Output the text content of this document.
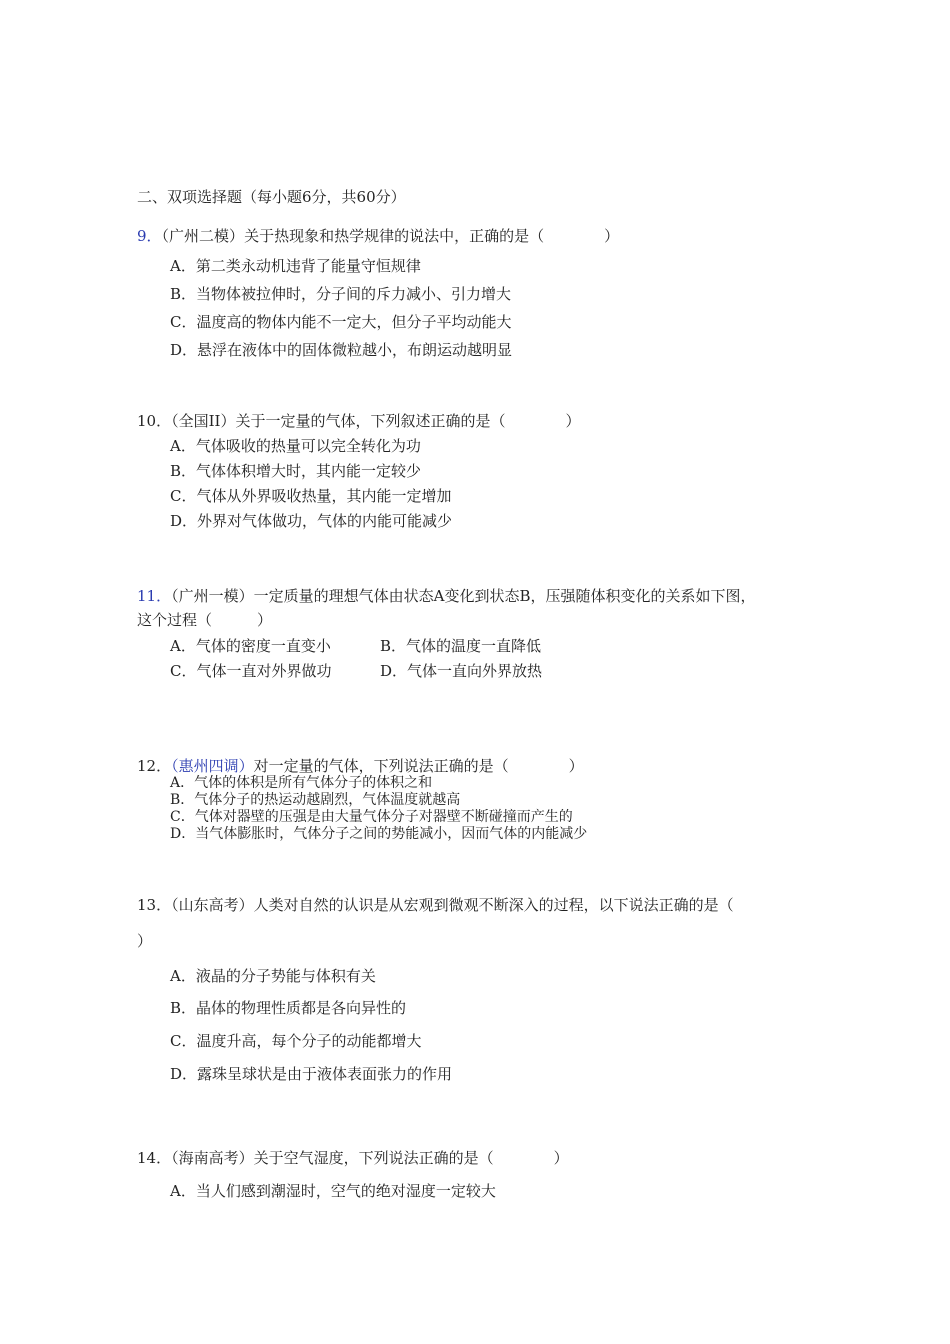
二、双项选择题（每小题6分，共60分）
9．（广州二模）关于热现象和热学规律的说法中，正确的是（　　　　）
A．第二类永动机违背了能量守恒规律
B．当物体被拉伸时，分子间的斥力减小、引力增大
C．温度高的物体内能不一定大，但分子平均动能大
D．悬浮在液体中的固体微粒越小，布朗运动越明显
10．（全国II）关于一定量的气体，下列叙述正确的是（　　　　）
A．气体吸收的热量可以完全转化为功
B．气体体积增大时，其内能一定较少
C．气体从外界吸收热量，其内能一定增加
D．外界对气体做功，气体的内能可能减少
11．（广州一模）一定质量的理想气体由状态A变化到状态B，压强随体积变化的关系如下图，
这个过程（　　　）
A．气体的密度一直变小	B．气体的温度一直降低
C．气体一直对外界做功	D．气体一直向外界放热
12．（惠州四调）对一定量的气体，下列说法正确的是（　　　　）
A．气体的体积是所有气体分子的体积之和
B．气体分子的热运动越剧烈，气体温度就越高
C．气体对器壁的压强是由大量气体分子对器壁不断碰撞而产生的
D．当气体膨胀时，气体分子之间的势能减小，因而气体的内能减少
13．（山东高考）人类对自然的认识是从宏观到微观不断深入的过程，以下说法正确的是（
）
A．液晶的分子势能与体积有关
B．晶体的物理性质都是各向异性的
C．温度升高，每个分子的动能都增大
D．露珠呈球状是由于液体表面张力的作用
14．（海南高考）关于空气湿度，下列说法正确的是（　　　　）
A．当人们感到潮湿时，空气的绝对湿度一定较大
